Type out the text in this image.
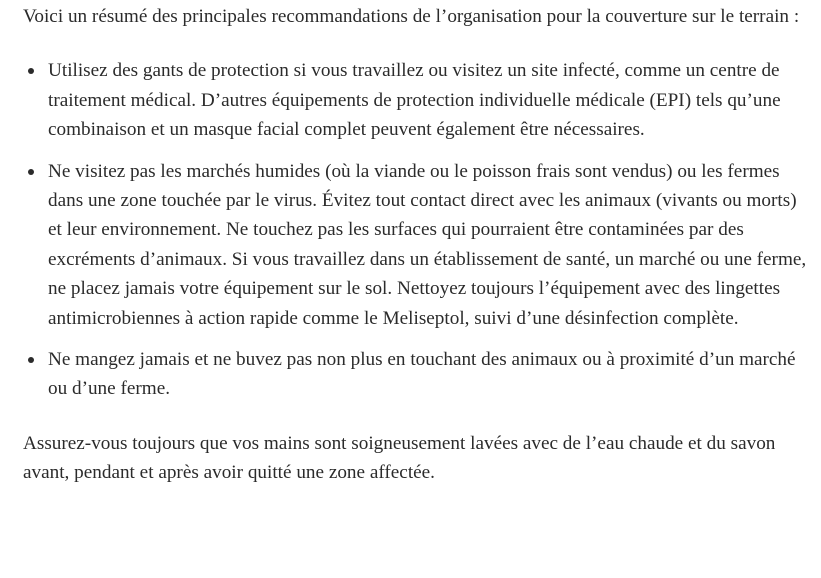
Voici un résumé des principales recommandations de l’organisation pour la couverture sur le terrain :

Utilisez des gants de protection si vous travaillez ou visitez un site infecté, comme un centre de traitement médical. D’autres équipements de protection individuelle médicale (EPI) tels qu’une combinaison et un masque facial complet peuvent également être nécessaires.
Ne visitez pas les marchés humides (où la viande ou le poisson frais sont vendus) ou les fermes dans une zone touchée par le virus. Évitez tout contact direct avec les animaux (vivants ou morts) et leur environnement. Ne touchez pas les surfaces qui pourraient être contaminées par des excréments d’animaux. Si vous travaillez dans un établissement de santé, un marché ou une ferme, ne placez jamais votre équipement sur le sol. Nettoyez toujours l’équipement avec des lingettes antimicrobiennes à action rapide comme le Meliseptol, suivi d’une désinfection complète.
Ne mangez jamais et ne buvez pas non plus en touchant des animaux ou à proximité d’un marché ou d’une ferme.

Assurez-vous toujours que vos mains sont soigneusement lavées avec de l’eau chaude et du savon avant, pendant et après avoir quitté une zone affectée.
